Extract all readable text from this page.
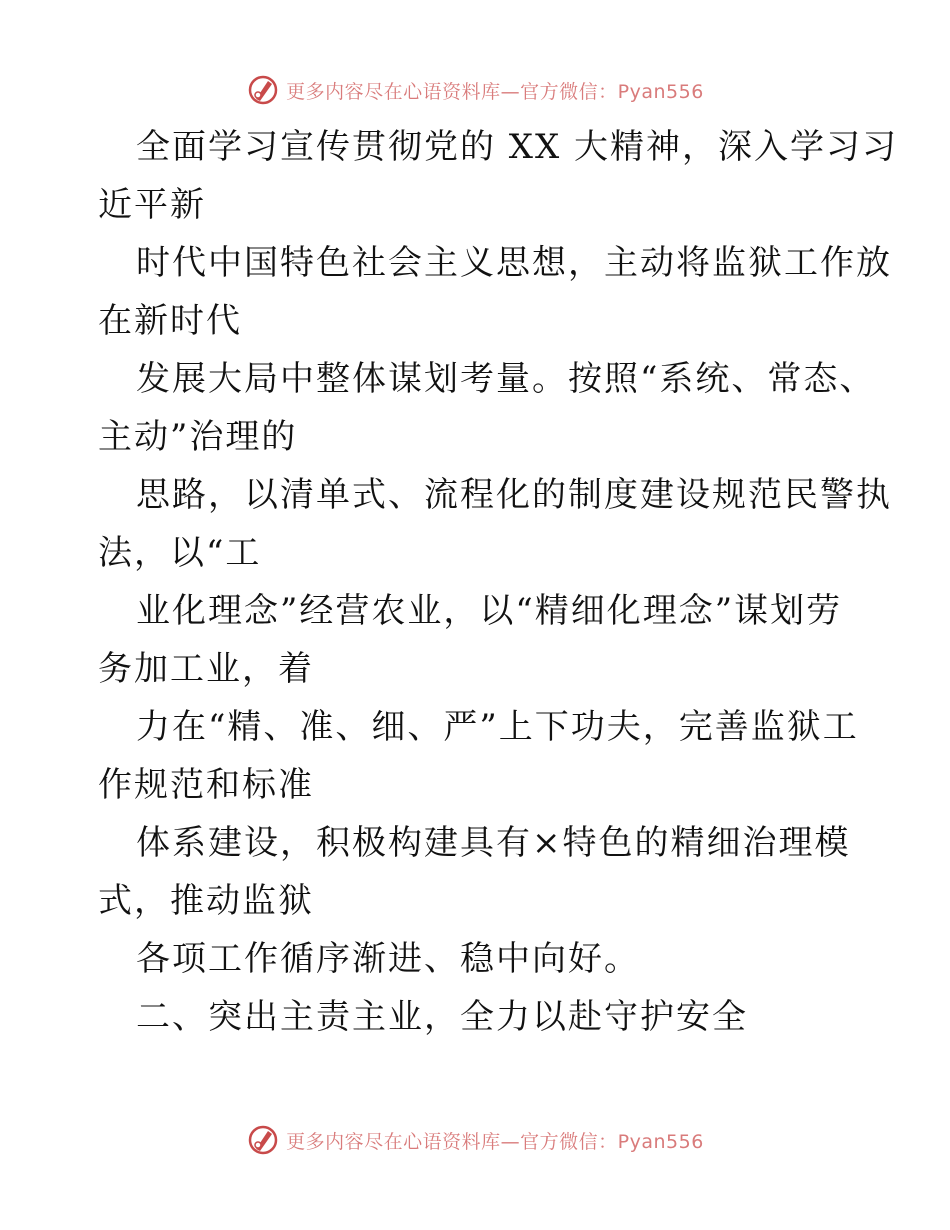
更多内容尽在心语资料库—官方微信：Pyan556
全面学习宣传贯彻党的 XX 大精神，深入学习习
近平新
时代中国特色社会主义思想，主动将监狱工作放
在新时代
发展大局中整体谋划考量。按照“系统、常态、
主动”治理的
思路，以清单式、流程化的制度建设规范民警执
法，以“工
业化理念”经营农业，以“精细化理念”谋划劳
务加工业，着
力在“精、准、细、严”上下功夫，完善监狱工
作规范和标准
体系建设，积极构建具有×特色的精细治理模
式，推动监狱
各项工作循序渐进、稳中向好。
二、突出主责主业，全力以赴守护安全
更多内容尽在心语资料库—官方微信：Pyan556
